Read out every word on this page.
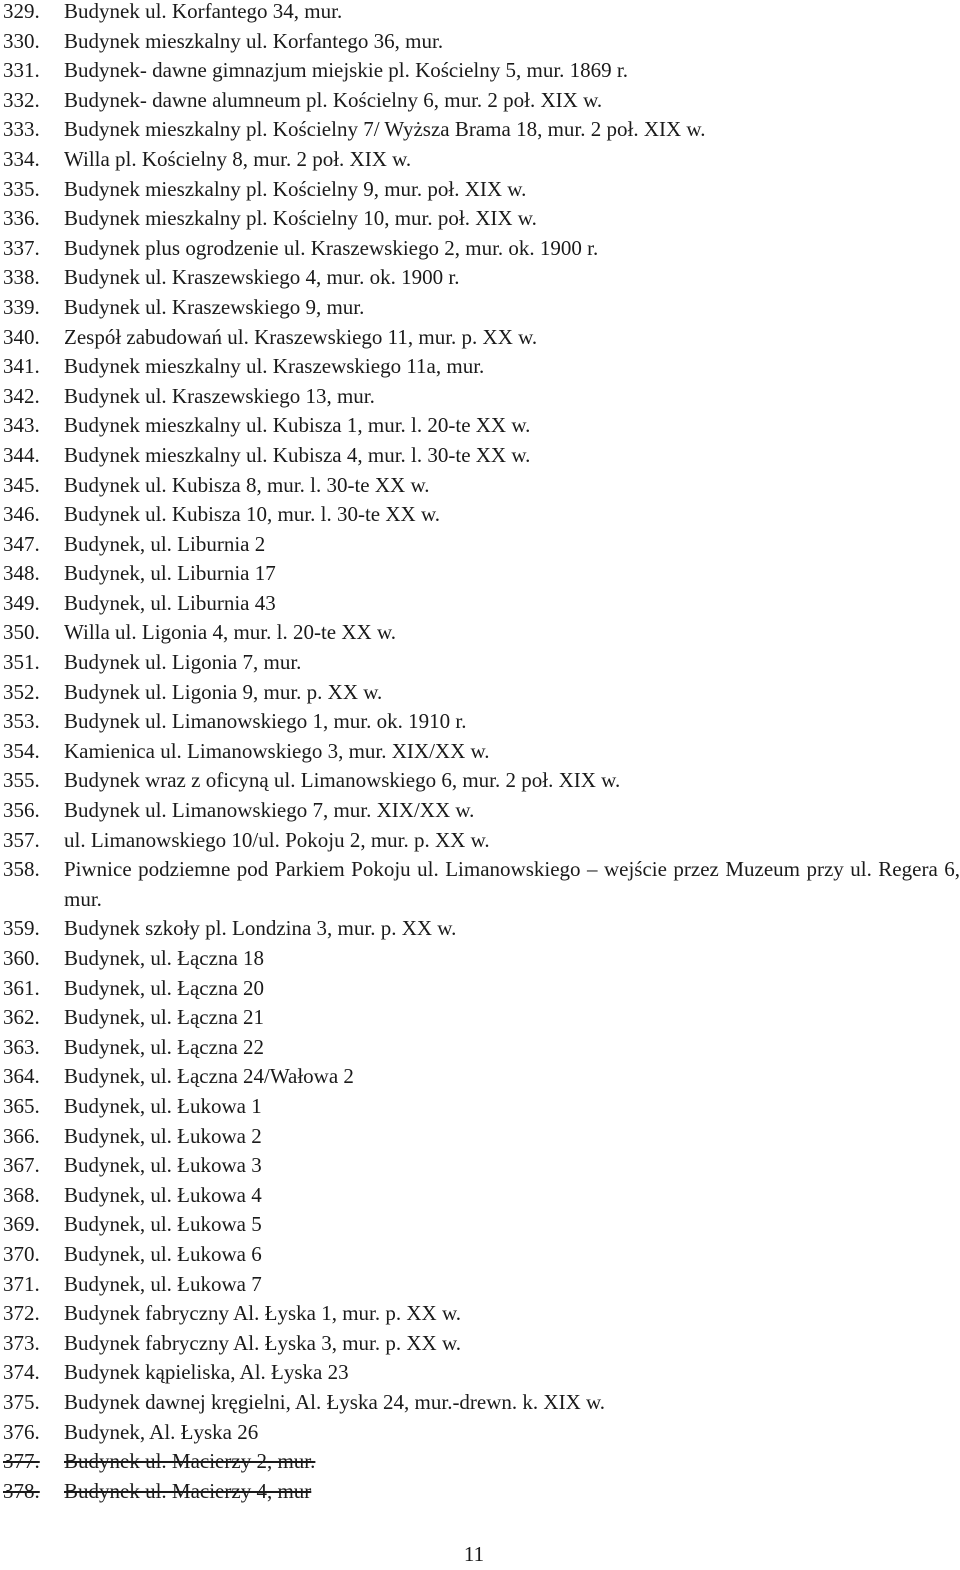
329.	Budynek ul. Korfantego 34, mur.
330.	Budynek mieszkalny ul. Korfantego 36, mur.
331.	Budynek- dawne gimnazjum miejskie pl. Kościelny 5, mur. 1869 r.
332.	Budynek- dawne alumneum pl. Kościelny 6, mur. 2 poł. XIX w.
333.	Budynek mieszkalny pl. Kościelny 7/ Wyższa Brama 18, mur. 2 poł. XIX w.
334.	Willa pl. Kościelny 8, mur. 2 poł. XIX w.
335.	Budynek mieszkalny pl. Kościelny 9, mur. poł. XIX w.
336.	Budynek mieszkalny pl. Kościelny 10, mur. poł. XIX w.
337.	Budynek plus ogrodzenie ul. Kraszewskiego 2, mur. ok. 1900 r.
338.	Budynek ul. Kraszewskiego 4, mur. ok. 1900 r.
339.	Budynek ul. Kraszewskiego 9, mur.
340.	Zespół zabudowań ul. Kraszewskiego 11, mur. p. XX w.
341.	Budynek mieszkalny ul. Kraszewskiego 11a, mur.
342.	Budynek ul. Kraszewskiego 13, mur.
343.	Budynek mieszkalny ul. Kubisza 1, mur. l. 20-te XX w.
344.	Budynek mieszkalny ul. Kubisza 4, mur. l. 30-te XX w.
345.	Budynek ul. Kubisza 8, mur. l. 30-te XX w.
346.	Budynek ul. Kubisza 10, mur. l. 30-te XX w.
347.	Budynek, ul. Liburnia 2
348.	Budynek, ul. Liburnia 17
349.	Budynek, ul. Liburnia 43
350.	Willa ul. Ligonia 4, mur. l. 20-te XX w.
351.	Budynek ul. Ligonia 7, mur.
352.	Budynek ul. Ligonia 9, mur. p. XX w.
353.	Budynek ul. Limanowskiego 1, mur. ok. 1910 r.
354.	Kamienica ul. Limanowskiego 3, mur. XIX/XX w.
355.	Budynek wraz z oficyną ul. Limanowskiego 6, mur. 2 poł. XIX w.
356.	Budynek ul. Limanowskiego 7, mur. XIX/XX w.
357.	ul. Limanowskiego 10/ul. Pokoju 2, mur. p. XX w.
358.	Piwnice podziemne pod Parkiem Pokoju ul. Limanowskiego – wejście przez Muzeum przy ul. Regera 6, mur.
359.	Budynek szkoły pl. Londzina 3, mur. p. XX w.
360.	Budynek, ul. Łączna 18
361.	Budynek, ul. Łączna 20
362.	Budynek, ul. Łączna 21
363.	Budynek, ul. Łączna 22
364.	Budynek, ul. Łączna 24/Wałowa 2
365.	Budynek, ul. Łukowa 1
366.	Budynek, ul. Łukowa 2
367.	Budynek, ul. Łukowa 3
368.	Budynek, ul. Łukowa 4
369.	Budynek, ul. Łukowa 5
370.	Budynek, ul. Łukowa 6
371.	Budynek, ul. Łukowa 7
372.	Budynek fabryczny Al. Łyska 1, mur. p. XX w.
373.	Budynek fabryczny Al. Łyska 3, mur. p. XX w.
374.	Budynek kąpieliska, Al. Łyska 23
375.	Budynek dawnej kręgielni, Al. Łyska 24, mur.-drewn. k. XIX w.
376.	Budynek, Al. Łyska 26
377.	Budynek ul. Macierzy 2, mur.
378.	Budynek ul. Macierzy 4, mur
11
